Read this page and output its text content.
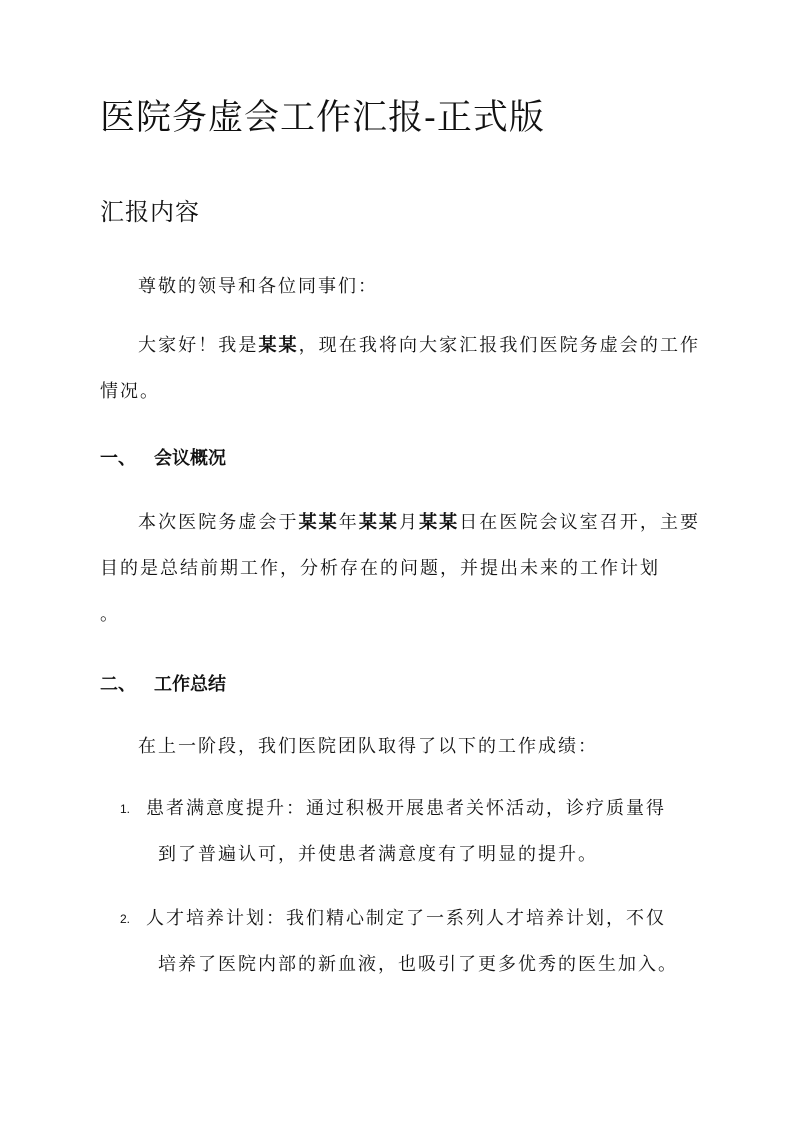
医院务虚会工作汇报-正式版
汇报内容
尊敬的领导和各位同事们：
大家好！我是某某，现在我将向大家汇报我们医院务虚会的工作情况。
一、 会议概况
本次医院务虚会于某某年某某月某某日在医院会议室召开，主要目的是总结前期工作，分析存在的问题，并提出未来的工作计划
。
二、 工作总结
在上一阶段，我们医院团队取得了以下的工作成绩：
1. 患者满意度提升：通过积极开展患者关怀活动，诊疗质量得
到了普遍认可，并使患者满意度有了明显的提升。
2. 人才培养计划：我们精心制定了一系列人才培养计划，不仅
培养了医院内部的新血液，也吸引了更多优秀的医生加入。
